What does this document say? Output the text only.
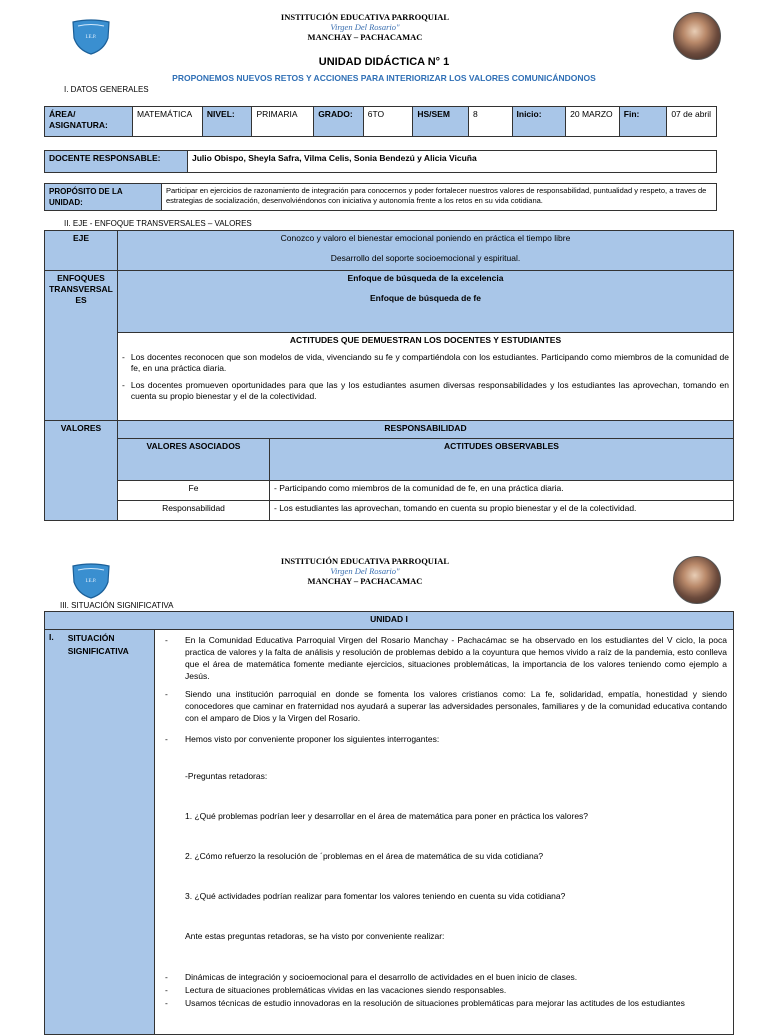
I.E.P.
INSTITUCIÓN EDUCATIVA PARROQUIAL
Virgen Del Rosario"
MANCHAY – PACHACAMAC
UNIDAD DIDÁCTICA N° 1
PROPONEMOS NUEVOS RETOS Y ACCIONES PARA INTERIORIZAR LOS VALORES COMUNICÁNDONOS
I. DATOS GENERALES
ÁREA/ ASIGNATURA:	MATEMÁTICA	NIVEL:	PRIMARIA	GRADO:	6TO	HS/SEM	8	Inicio:	20 MARZO	Fin:	07 de abril
DOCENTE RESPONSABLE:	Julio Obispo, Sheyla Safra, Vilma Celis, Sonia Bendezú y Alicia Vicuña
PROPÓSITO DE LA UNIDAD:	Participar en ejercicios de razonamiento de integración para conocernos y poder fortalecer nuestros valores de responsabilidad, puntualidad y respeto, a traves de estrategias de socialización, desenvolviéndonos con iniciativa y autonomía frente a los retos en su vida cotidiana.
II. EJE - ENFOQUE TRANSVERSALES – VALORES
EJE	Conozco y valoro el bienestar emocional poniendo en práctica el tiempo libre

Desarrollo del soporte socioemocional y espiritual.	

ENFOQUES TRANSVERSAL ES	Enfoque de búsqueda de la excelencia

Enfoque de búsqueda de fe	

	ACTITUDES QUE DEMUESTRAN LOS DOCENTES Y ESTUDIANTES

- Los docentes reconocen que son modelos de vida, vivenciando su fe y compartiéndola con los estudiantes. Participando como miembros de la comunidad de fe, en una práctica diaria.
- Los docentes promueven oportunidades para que las y los estudiantes asumen diversas responsabilidades y los estudiantes las aprovechan, tomando en cuenta su propio bienestar y el de la colectividad.	

VALORES	RESPONSABILIDAD	
	VALORES ASOCIADOS	ACTITUDES OBSERVABLES
	Fe	- Participando como miembros de la comunidad de fe, en una práctica diaria.
	Responsabilidad	- Los estudiantes las aprovechan, tomando en cuenta su propio bienestar y el de la colectividad.
I.E.P.
INSTITUCIÓN EDUCATIVA PARROQUIAL
Virgen Del Rosario"
MANCHAY – PACHACAMAC
III. SITUACIÓN SIGNIFICATIVA
UNIDAD I

I. SITUACIÓN SIGNIFICATIVA

-	En la Comunidad Educativa Parroquial Virgen del Rosario Manchay - Pachacámac se ha observado en los estudiantes del V ciclo, la poca practica de valores y la falta de análisis y resolución de problemas debido a la coyuntura que hemos vivido a raíz de la pandemia, esto conlleva que el área de matemática fomente mediante ejercicios, situaciones problemáticas, la importancia de los valores teniendo como ejemplo a Jesús.
-	Siendo una institución parroquial en donde se fomenta los valores cristianos como: La fe, solidaridad, empatía, honestidad y siendo conocedores que caminar en fraternidad nos ayudará a superar las adversidades personales, familiares y de la comunidad educativa contando con el amparo de Dios y la Virgen del Rosario.
-	Hemos visto por conveniente proponer los siguientes interrogantes:

-Preguntas retadoras:

1. ¿Qué problemas podrían leer y desarrollar en el área de matemática para poner en práctica los valores?

2. ¿Cómo refuerzo la resolución de ´problemas en el área de matemática de su vida cotidiana?

3. ¿Qué actividades podrían realizar para fomentar los valores teniendo en cuenta su vida cotidiana?

Ante estas preguntas retadoras, se ha visto por conveniente realizar:

-	Dinámicas de integración y socioemocional para el desarrollo de actividades en el buen inicio de clases.
-	Lectura de situaciones problemáticas vividas en las vacaciones siendo responsables.
-	Usamos técnicas de estudio innovadoras en la resolución de situaciones problemáticas para mejorar las actitudes de los estudiantes
